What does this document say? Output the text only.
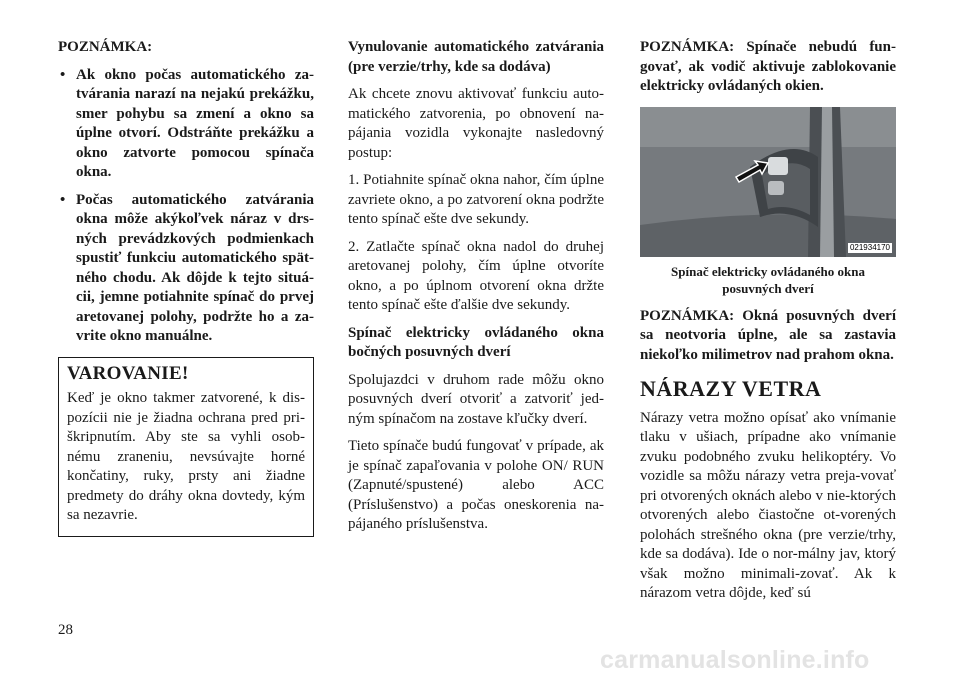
POZNÁMKA:

• Ak okno počas automatického za-tvárania narazí na nejakú prekážku, smer pohybu sa zmení a okno sa úplne otvorí. Odstráňte prekážku a okno zatvorte pomocou spínača okna.
• Počas automatického zatvárania okna môže akýkoľvek náraz v drs-ných prevádzkových podmienkach spustiť funkciu automatického spät-ného chodu. Ak dôjde k tejto situá-cii, jemne potiahnite spínač do prvej aretovanej polohy, podržte ho a za-vrite okno manuálne.
VAROVANIE!
Keď je okno takmer zatvorené, k dis-pozícii nie je žiadna ochrana pred pri-škripnutím. Aby ste sa vyhli osob-nému zraneniu, nevsúvajte horné končatiny, ruky, prsty ani žiadne predmety do dráhy okna dovtedy, kým sa nezavrie.

Vynulovanie automatického zatvárania (pre verzie/trhy, kde sa dodáva)

Ak chcete znovu aktivovať funkciu auto-matického zatvorenia, po obnovení na-pájania vozidla vykonajte nasledovný postup:

1. Potiahnite spínač okna nahor, čím úplne zavriete okno, a po zatvorení okna podržte tento spínač ešte dve sekundy.

2. Zatlačte spínač okna nadol do druhej aretovanej polohy, čím úplne otvoríte okno, a po úplnom otvorení okna držte tento spínač ešte ďalšie dve sekundy.

Spínač elektricky ovládaného okna bočných posuvných dverí

Spolujazdci v druhom rade môžu okno posuvných dverí otvoriť a zatvoriť jed-ným spínačom na zostave kľučky dverí.

Tieto spínače budú fungovať v prípade, ak je spínač zapaľovania v polohe ON/ RUN (Zapnuté/spustené) alebo ACC (Príslušenstvo) a počas oneskorenia na-pájaného príslušenstva.

POZNÁMKA: Spínače nebudú fun-govať, ak vodič aktivuje zablokovanie elektricky ovládaných okien.

021934170
Spínač elektricky ovládaného okna posuvných dverí

POZNÁMKA: Okná posuvných dverí sa neotvoria úplne, ale sa zastavia niekoľko milimetrov nad prahom okna.

NÁRAZY VETRA

Nárazy vetra možno opísať ako vnímanie tlaku v ušiach, prípadne ako vnímanie zvuku podobného zvuku helikoptéry. Vo vozidle sa môžu nárazy vetra preja-vovať pri otvorených oknách alebo v nie-ktorých otvorených alebo čiastočne ot-vorených polohách strešného okna (pre verzie/trhy, kde sa dodáva). Ide o nor-málny jav, ktorý však možno minimali-zovať. Ak k nárazom vetra dôjde, keď sú

28
carmanualsonline.info
